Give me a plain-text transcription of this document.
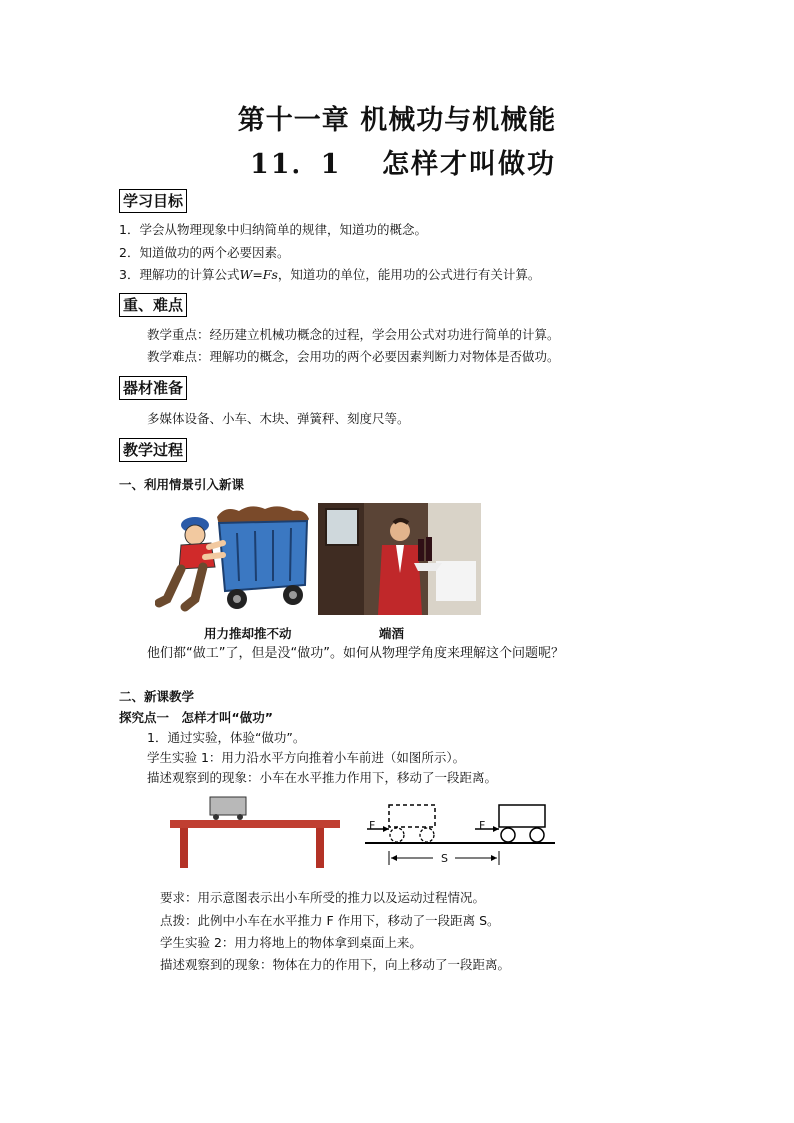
第十一章 机械功与机械能
11．1 怎样才叫做功
学习目标
1．学会从物理现象中归纳简单的规律，知道功的概念。
2．知道做功的两个必要因素。
3．理解功的计算公式W=Fs，知道功的单位，能用功的公式进行有关计算。
重、难点
教学重点：经历建立机械功概念的过程，学会用公式对功进行简单的计算。
教学难点：理解功的概念，会用功的两个必要因素判断力对物体是否做功。
器材准备
多媒体设备、小车、木块、弹簧秤、刻度尺等。
教学过程
一、利用情景引入新课
用力推却推不动	端酒
他们都“做工”了，但是没“做功”。如何从物理学角度来理解这个问题呢？
二、新课教学
探究点一　怎样才叫“做功”
1．通过实验，体验“做功”。
学生实验 1：用力沿水平方向推着小车前进（如图所示）。
描述观察到的现象：小车在水平推力作用下，移动了一段距离。
F	F
S
要求：用示意图表示出小车所受的推力以及运动过程情况。
点拨：此例中小车在水平推力 F 作用下，移动了一段距离 S。
学生实验 2：用力将地上的物体拿到桌面上来。
描述观察到的现象：物体在力的作用下，向上移动了一段距离。
